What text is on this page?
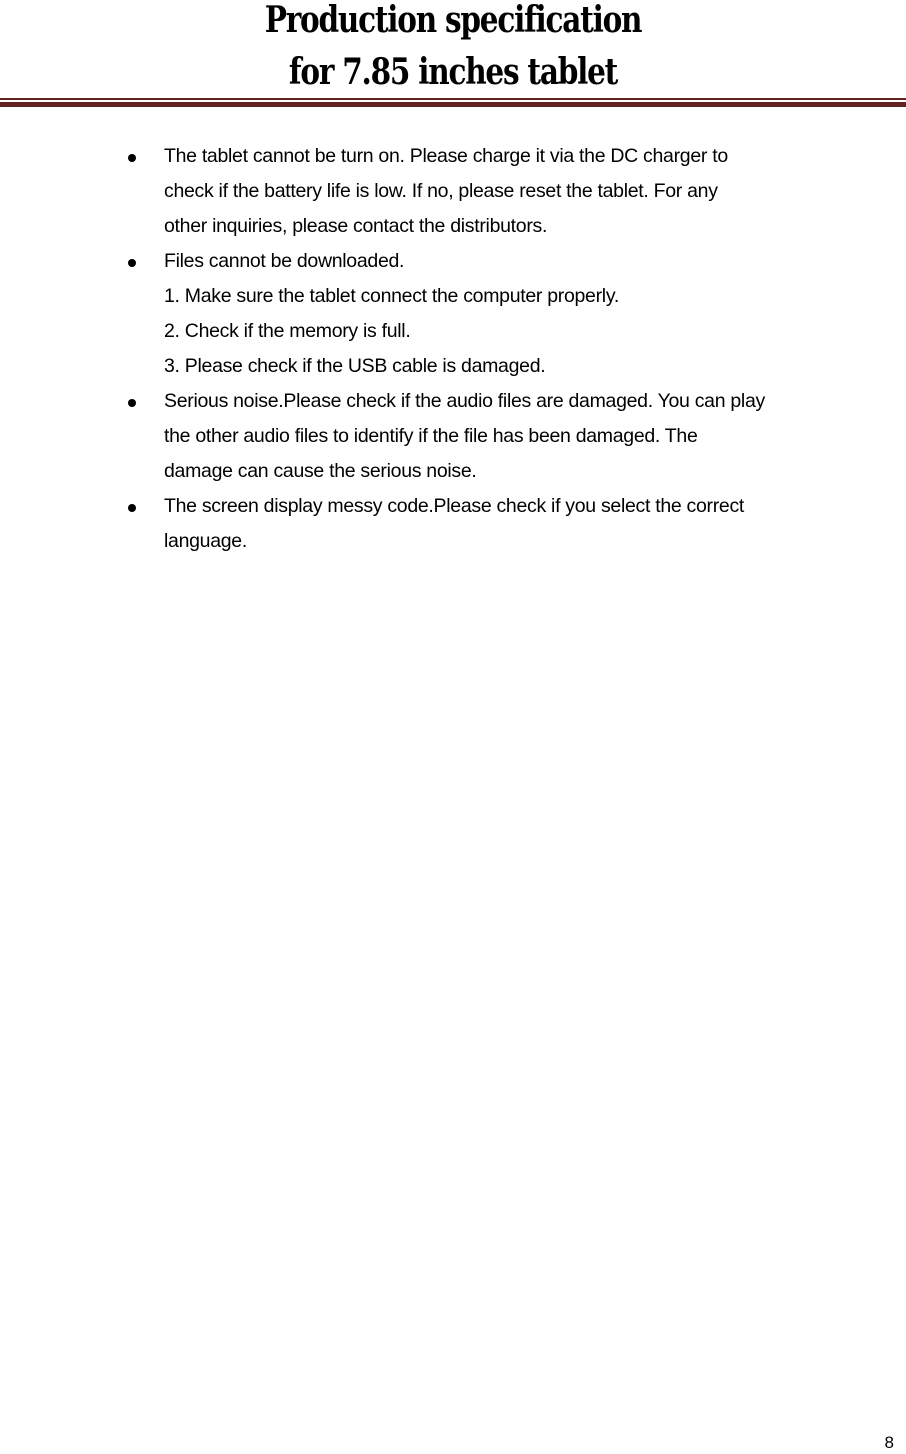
Production specification
for 7.85 inches tablet
The tablet cannot be turn on. Please charge it via the DC charger to
check if the battery life is low. If no, please reset the tablet. For any
other inquiries, please contact the distributors.
Files cannot be downloaded.
1. Make sure the tablet connect the computer properly.
2. Check if the memory is full.
3. Please check if the USB cable is damaged.
Serious noise.Please check if the audio files are damaged. You can play
the other audio files to identify if the file has been damaged. The
damage can cause the serious noise.
The screen display messy code.Please check if you select the correct
language.
8
